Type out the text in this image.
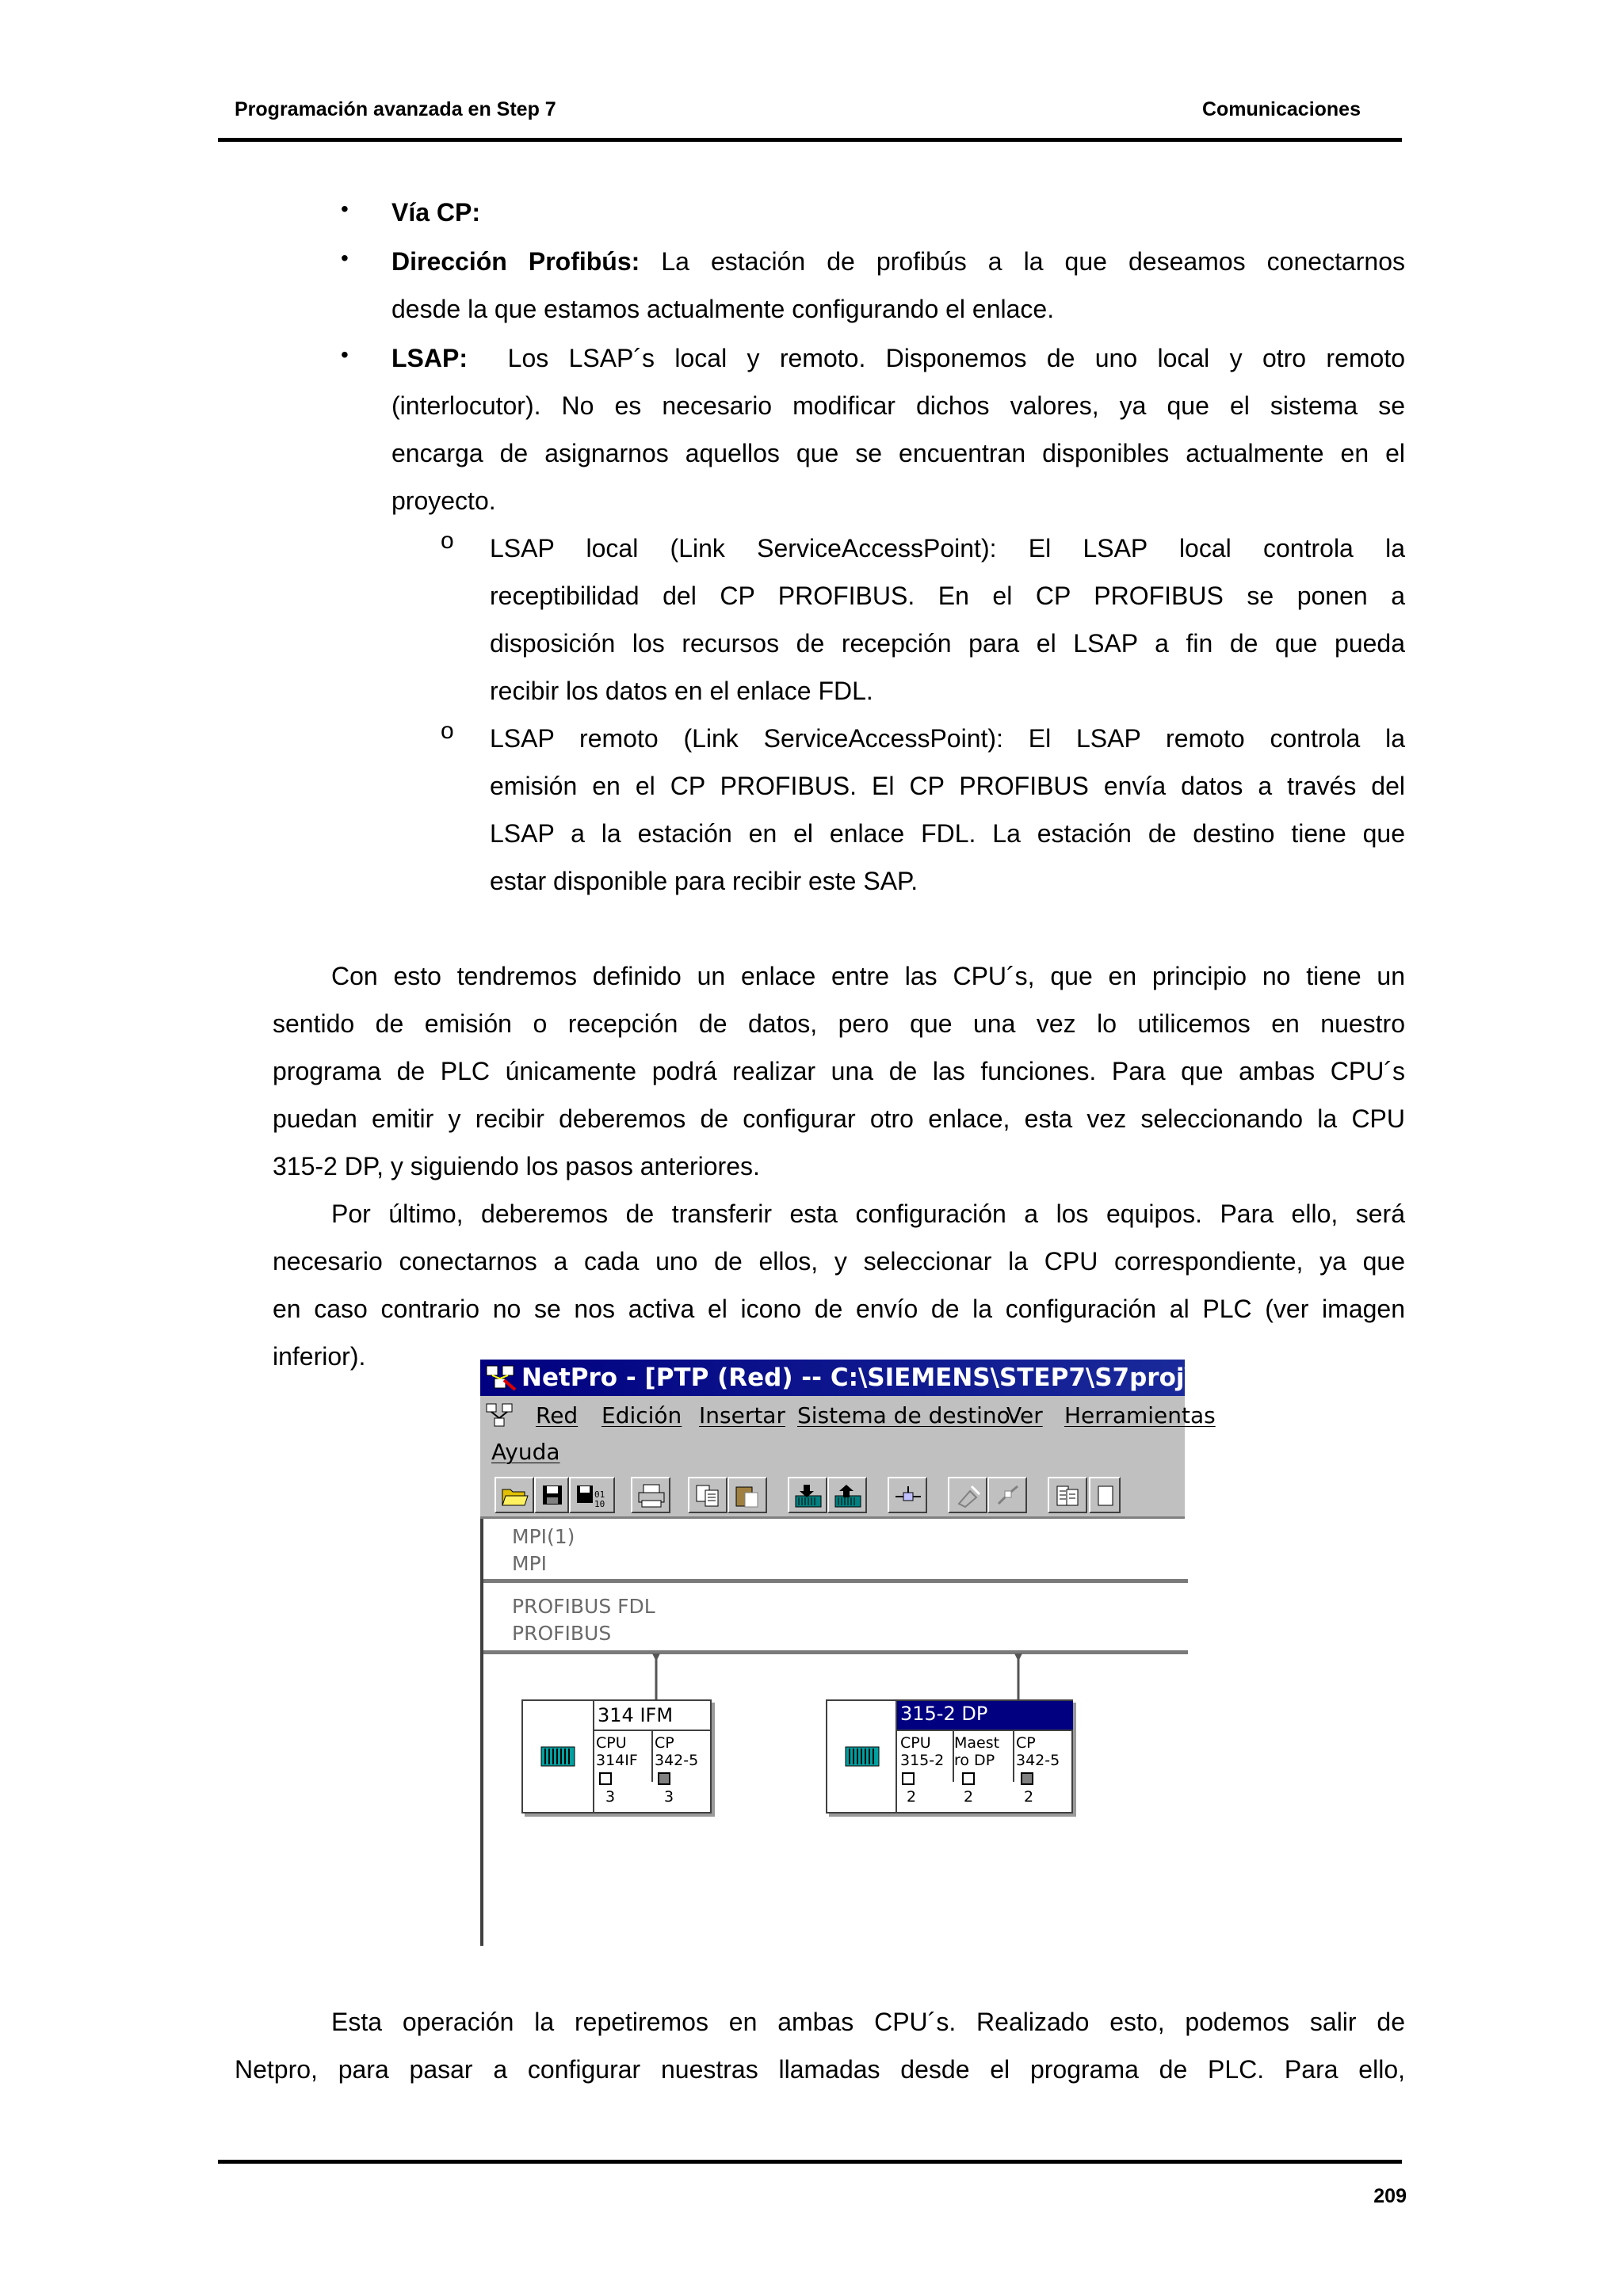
Programación avanzada en Step 7	Comunicaciones
• Vía CP:
• Dirección Profibús: La estación de profibús a la que deseamos conectarnos
desde la que estamos actualmente configurando el enlace.
• LSAP: Los LSAP´s local y remoto. Disponemos de uno local y otro remoto
(interlocutor). No es necesario modificar dichos valores, ya que el sistema se
encarga de asignarnos aquellos que se encuentran disponibles actualmente en el
proyecto.
o LSAP local (Link ServiceAccessPoint): El LSAP local controla la
receptibilidad del CP PROFIBUS. En el CP PROFIBUS se ponen a
disposición los recursos de recepción para el LSAP a fin de que pueda
recibir los datos en el enlace FDL.
o LSAP remoto (Link ServiceAccessPoint): El LSAP remoto controla la
emisión en el CP PROFIBUS. El CP PROFIBUS envía datos a través del
LSAP a la estación en el enlace FDL. La estación de destino tiene que
estar disponible para recibir este SAP.
Con esto tendremos definido un enlace entre las CPU´s, que en principio no tiene un
sentido de emisión o recepción de datos, pero que una vez lo utilicemos en nuestro
programa de PLC únicamente podrá realizar una de las funciones. Para que ambas CPU´s
puedan emitir y recibir deberemos de configurar otro enlace, esta vez seleccionando la CPU
315-2 DP, y siguiendo los pasos anteriores.
Por último, deberemos de transferir esta configuración a los equipos. Para ello, será
necesario conectarnos a cada uno de ellos, y seleccionar la CPU correspondiente, ya que
en caso contrario no se nos activa el icono de envío de la configuración al PLC (ver imagen
inferior).
NetPro - [PTP (Red) -- C:\SIEMENS\STEP7\S7proj\Ptp]
Red Edición Insertar Sistema de destino
Ver Herramientas
Ayuda
01
10
MPI(1)
MPI
PROFIBUS FDL
PROFIBUS
314 IFM
CPU
314IF
CP
342-5
3	3
315-2 DP
CPU
315-2
Maest
ro DP
CP
342-5
2	2	2
Esta operación la repetiremos en ambas CPU´s. Realizado esto, podemos salir de
Netpro, para pasar a configurar nuestras llamadas desde el programa de PLC. Para ello,
209
